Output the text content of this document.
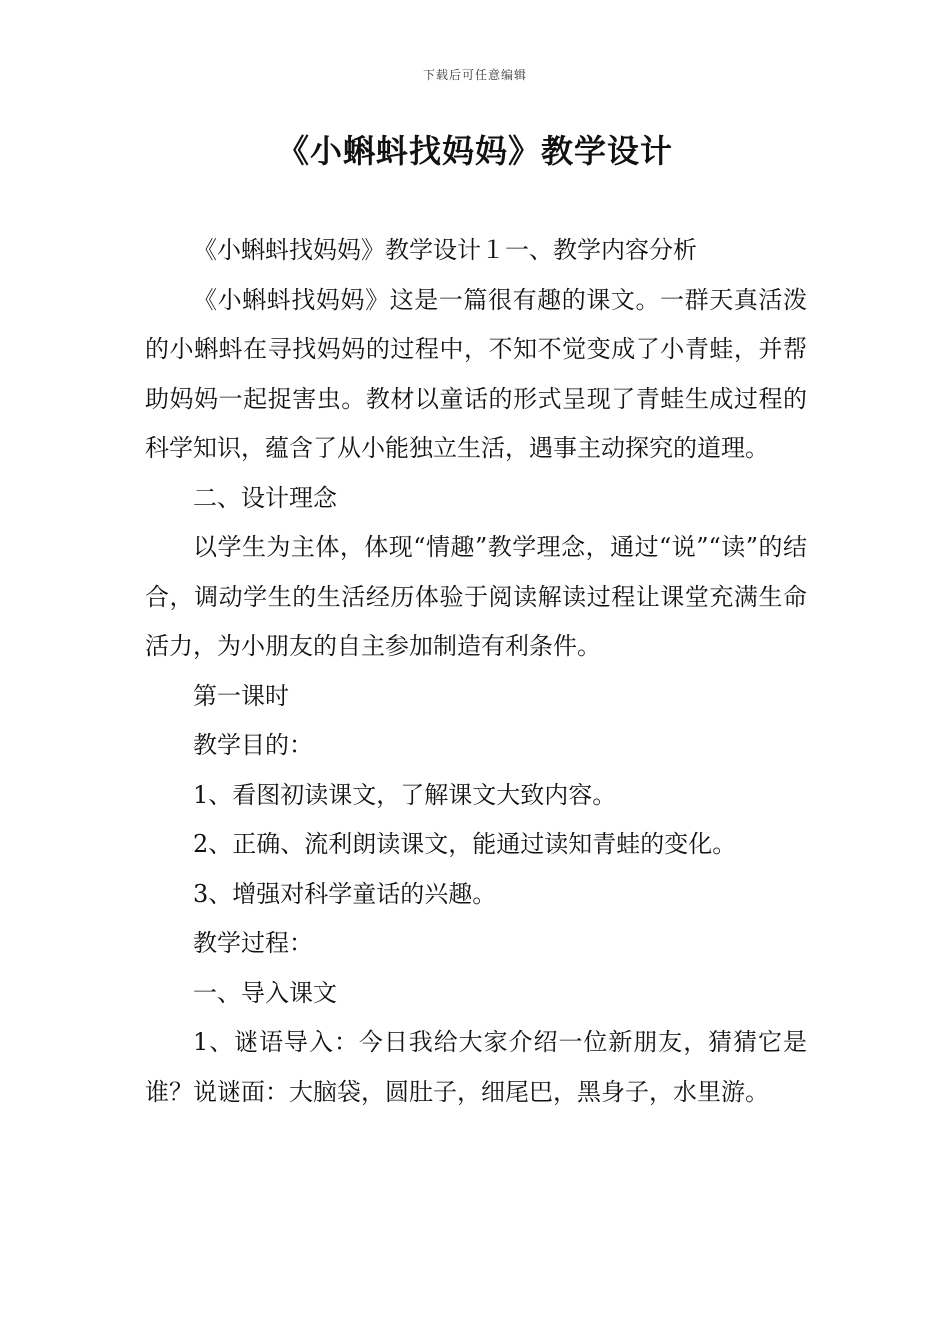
下载后可任意编辑
《小蝌蚪找妈妈》教学设计

《小蝌蚪找妈妈》教学设计１一、教学内容分析

《小蝌蚪找妈妈》这是一篇很有趣的课文。一群天真活泼的小蝌蚪在寻找妈妈的过程中，不知不觉变成了小青蛙，并帮助妈妈一起捉害虫。教材以童话的形式呈现了青蛙生成过程的科学知识，蕴含了从小能独立生活，遇事主动探究的道理。

二、设计理念

以学生为主体，体现“情趣”教学理念，通过“说”“读”的结合，调动学生的生活经历体验于阅读解读过程让课堂充满生命活力，为小朋友的自主参加制造有利条件。

第一课时

教学目的：

1、看图初读课文，了解课文大致内容。

2、正确、流利朗读课文，能通过读知青蛙的变化。

3、增强对科学童话的兴趣。

教学过程：

一、导入课文

1、谜语导入：今日我给大家介绍一位新朋友，猜猜它是谁？说谜面：大脑袋，圆肚子，细尾巴，黑身子，水里游。
